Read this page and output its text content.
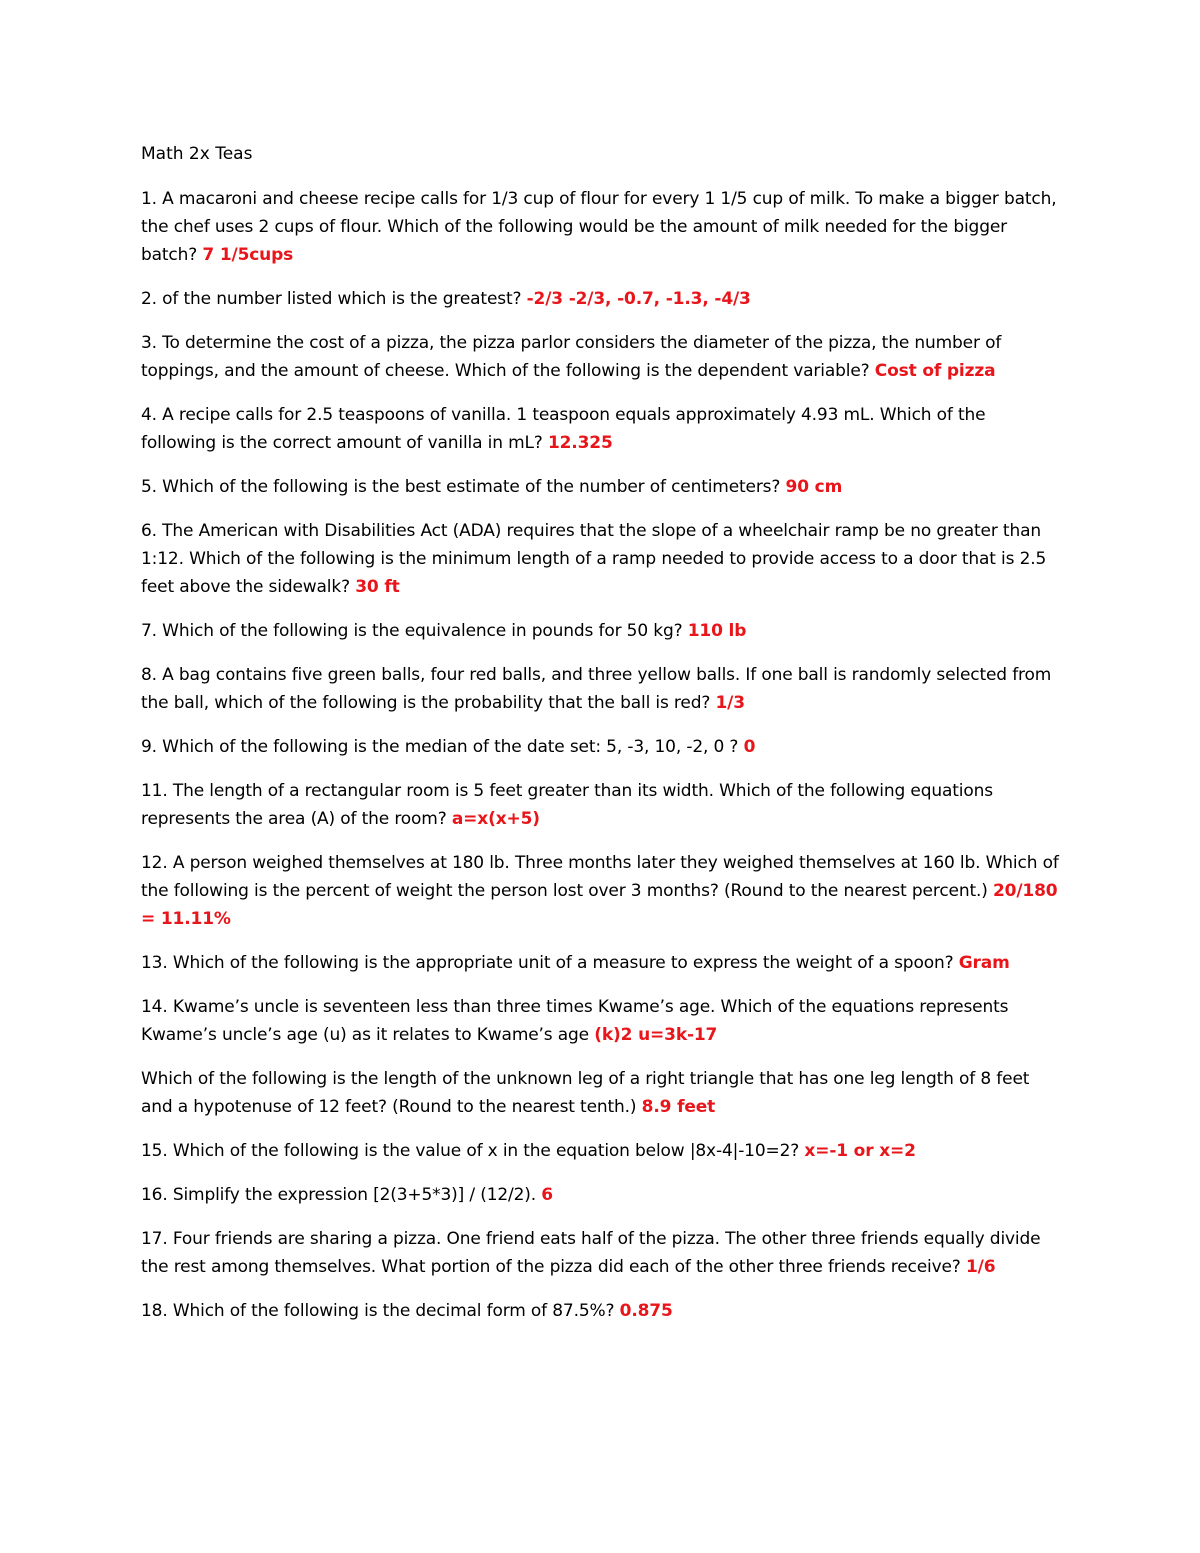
Math 2x Teas

1. A macaroni and cheese recipe calls for 1/3 cup of flour for every 1 1/5 cup of milk. To make a bigger batch, the chef uses 2 cups of flour. Which of the following would be the amount of milk needed for the bigger batch? 7 1/5cups

2. of the number listed which is the greatest? -2/3 -2/3, -0.7, -1.3, -4/3

3. To determine the cost of a pizza, the pizza parlor considers the diameter of the pizza, the number of toppings, and the amount of cheese. Which of the following is the dependent variable? Cost of pizza

4. A recipe calls for 2.5 teaspoons of vanilla. 1 teaspoon equals approximately 4.93 mL. Which of the following is the correct amount of vanilla in mL? 12.325

5. Which of the following is the best estimate of the number of centimeters? 90 cm

6. The American with Disabilities Act (ADA) requires that the slope of a wheelchair ramp be no greater than 1:12. Which of the following is the minimum length of a ramp needed to provide access to a door that is 2.5 feet above the sidewalk? 30 ft

7. Which of the following is the equivalence in pounds for 50 kg? 110 lb

8. A bag contains five green balls, four red balls, and three yellow balls. If one ball is randomly selected from the ball, which of the following is the probability that the ball is red? 1/3

9. Which of the following is the median of the date set: 5, -3, 10, -2, 0 ? 0

11. The length of a rectangular room is 5 feet greater than its width. Which of the following equations represents the area (A) of the room? a=x(x+5)

12. A person weighed themselves at 180 lb. Three months later they weighed themselves at 160 lb. Which of the following is the percent of weight the person lost over 3 months? (Round to the nearest percent.) 20/180 = 11.11%

13. Which of the following is the appropriate unit of a measure to express the weight of a spoon? Gram

14. Kwame’s uncle is seventeen less than three times Kwame’s age. Which of the equations represents Kwame’s uncle’s age (u) as it relates to Kwame’s age (k)2 u=3k-17

Which of the following is the length of the unknown leg of a right triangle that has one leg length of 8 feet and a hypotenuse of 12 feet? (Round to the nearest tenth.) 8.9 feet

15. Which of the following is the value of x in the equation below |8x-4|-10=2? x=-1 or x=2

16. Simplify the expression [2(3+5*3)] / (12/2). 6

17. Four friends are sharing a pizza. One friend eats half of the pizza. The other three friends equally divide the rest among themselves. What portion of the pizza did each of the other three friends receive? 1/6

18. Which of the following is the decimal form of 87.5%? 0.875
